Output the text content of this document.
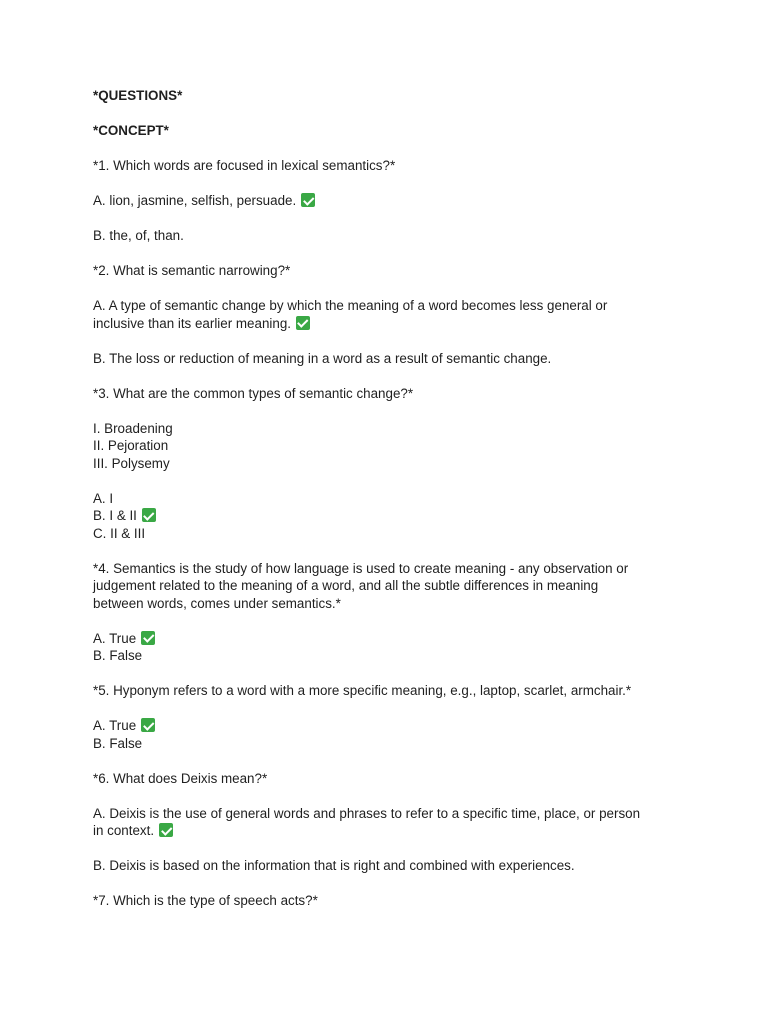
*QUESTIONS*
*CONCEPT*
*1. Which words are focused in lexical semantics?*
A. lion, jasmine, selfish, persuade.
B. the, of, than.
*2. What is semantic narrowing?*
A. A type of semantic change by which the meaning of a word becomes less general or
inclusive than its earlier meaning.
B. The loss or reduction of meaning in a word as a result of semantic change.
*3. What are the common types of semantic change?*
I. Broadening
II. Pejoration
III. Polysemy
A. I
B. I & II
C. II & III
*4. Semantics is the study of how language is used to create meaning - any observation or
judgement related to the meaning of a word, and all the subtle differences in meaning
between words, comes under semantics.*
A. True
B. False
*5. Hyponym refers to a word with a more specific meaning, e.g., laptop, scarlet, armchair.*
A. True
B. False
*6. What does Deixis mean?*
A. Deixis is the use of general words and phrases to refer to a specific time, place, or person
in context.
B. Deixis is based on the information that is right and combined with experiences.
*7. Which is the type of speech acts?*
